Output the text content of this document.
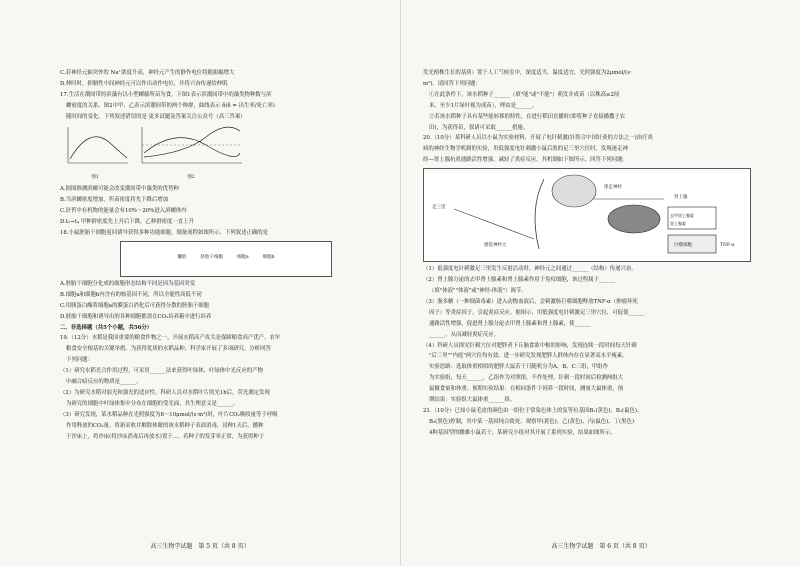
C.若神经元轴突外的 Na⁺浓度升高，神经元产生的静作电位将随振幅增大

D.伸时时，抑制性中间神经元可以作出动作电位，并将兴奋传递给伸肌

17.生活在潮间带的滨藻有以小型螺藤所苗为食，下图1表示滨潮间带中的藻类物种数与滨

螺密度的关系，图2中甲、乙表示滨潮间带的两个种群，曲线表示 δ(δ = 出生率/死亡率)

随时间的变化。下列叙述错误的是 更多试题及答案关注公众号（高三答案）

图1	图2

A.据图推测滨螺可能会改变潮间带中藻类的优势种

B.当滨螺密度增加，所苗密度将先下降后增加

C.浒苔中有机物的能量会有10%～20%进入滨螺体内

D.t₂→t₄ 甲种群密度先上升后下降，乙种群密度一直上升

18.小鼠胚胎干细胞返回诱导获得多种功能细胞，制备流程如图所示。下列叙述正确的是

囊胚	胚胎干细胞	细胞a	细胞b

A.胚胎干细胞分化成的细胞形态结构不同是因为基因突变

B.细胞a和细胞b内含有的核基因不同，所以全能性高低不同

C.用胰蛋白酶将细胞a的膜蛋白消化后可获得分散的胚胎干细胞

D.胚胎干细胞和诱导出的各种细胞都需在CO₂培养箱中进行培养

二、非选择题（共5个小题，共56分）

19.（12分）水稻是我国重要的粮食作物之一，开展水稻高产攻关是保障粮食高产优产、农牢

粮食安全根基的关键举措。为获得优质的水稻品种，科学家开展了多项研究。分析回答

下列问题：

（1）研究水稻光合作用过程，可采用______法来获得叶绿体，叶绿体中光反应的产物

中融合暗反应的物质是______。

（2）为研究水稻对弱光和强光的适应性，科研人员对水稻叶片照光1h后，荧光测定发现

为研究的细胞中叶绿体集中分布在细胞的受光面，其生理意义是______。

（3）研究发现，某水稻品种在光照强度为8～10μmol/(s·m²)时，叶片CO₂吸收量等于呼吸

作用释放的CO₂量。将新采收并解除休眠的该水稻种子表面消毒，浸种1天后，播种

于沙床上，将沙床(将沙床消毒后再放水)置于...。若种子的发芽率正常，为获得种子

高三生物学试题　第 5 页（共 8 页）

发光植株生长的基质）置于人工气候室中，深度适当，温度适宜，光照强度为2μmol/(s·

m²)。请回答下列问题：

①在此条件下，该水稻种子______（填"能"或"不能"）萌发并成苗（以株高≥2厘

米，至少1片绿叶视为成苗），理由是______。

②若该水稻种子具有某些能转移的特性，在进行稻田直播时(即将种子直接播撒于农

田)，为获得苗，叙诸可采取______措施。

20.（10分）某科研人员以小鼠为实验材料，开展了电针刺激(针脸合中国针灸的方法之一)治疗炎

病的神经生物学机制的实验，用低强度电针刺激小鼠后肢的足三里穴位时，发现迷走神

经—肾上腺抗炎通路活性增强，减轻了炎症反应，其机制如下图所示。回答下列问题：

足三里
迷走神经
感觉神经元
肾上腺
去甲肾上腺素
肾上腺素
巨噬细胞	TNF-α

（1）低强度电针刺激足三里发生反射活动时，神经元之间通过______（结构）传递兴奋。

（2）肾上腺分泌的去甲肾上腺素和肾上腺素作用于免疫细胞，该过程属于______

（填"体液""体液"或"神经-体液"）调节。

（3）脂多糖（一种细菌毒素）进入动物血液后，会刺激肠巨噬细胞释放TNF-α（肿瘤坏死

因子）等炎症因子，引起炎症反应。据图示，用低强度电针刺激足三里穴位，可促使______

通路活性增强，促进肾上腺分泌去甲肾上腺素和肾上腺素，使______

______，从而减轻炎症反应。

（4）科研人员探究针刺穴位对肥胖者下丘脑食欲中枢的影响，发现连续一段时间每天针刺

"后三里""内庭"两穴位均有效。进一步研究发现肥胖人群体内存在显著高水平瘦素。

实验思路：选取体重相似的肥胖大鼠若干只随机分为A、B、C三组，甲组作

为实验组，每天______，乙组作为对照组，不作处理。针刺一段时间后检测两组大

鼠摄食量和体重。预期实验结果：在相同条件下饲养一段时间，测量大鼠体重，预

期结果：实验组大鼠体重______组。

21.（10分）已知小鼠毛皮的颜色由一组位于常染色体上的复等位基因B₁(黄色)、B₂(鼠色)、

B₃(黑色)控制，其中某一基因纯合致死。观察甲(黄色)、乙(黄色)、丙(鼠色)、丁(黑色)

4种基因型的雌雄小鼠若干，某研究小组对其开展了系列实验，结果如图所示。

高三生物学试题　第 6 页（共 8 页）
